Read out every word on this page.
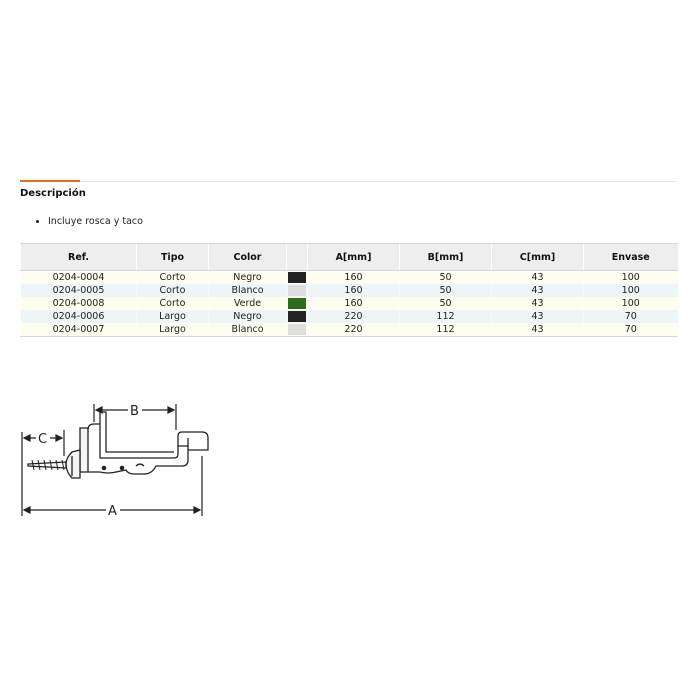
Descripción
• Incluye rosca y taco
Ref.	Tipo	Color		A[mm]	B[mm]	C[mm]	Envase
0204-0004	Corto	Negro		160	50	43	100
0204-0005	Corto	Blanco		160	50	43	100
0204-0008	Corto	Verde		160	50	43	100
0204-0006	Largo	Negro		220	112	43	70
0204-0007	Largo	Blanco		220	112	43	70
B
C
A
